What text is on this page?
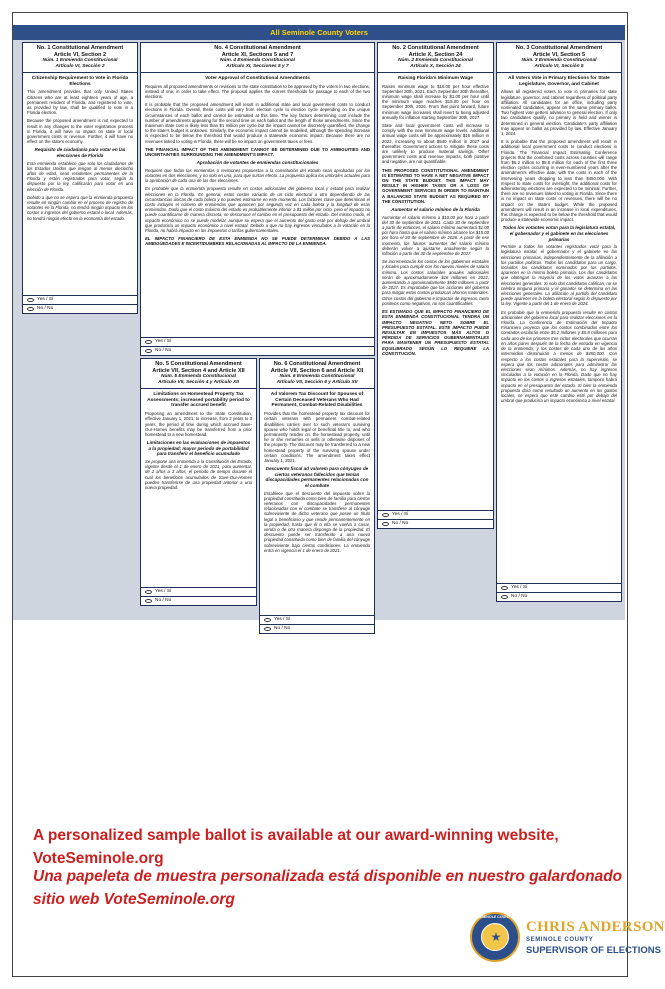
All Seminole County Voters
No. 1 Constitutional Amendment
Article VI, Section 2
Núm. 1 Enmienda Constitucional
Artículo VI, Sección 2
Citizenship Requirement to Vote in Florida Elections

This amendment provides that only United States Citizens who are at least eighteen years of age, a permanent resident of Florida, and registered to vote, as provided by law, shall be qualified to vote in a Florida election.

Because the proposed amendment is not expected to result in any changes to the voter registration process in Florida, it will have no impact on state or local government costs or revenue. Further, it will have no effect on the state's economy.

Requisito de ciudadanía para votar en las elecciones de Florida

Esta enmienda establece que solo los ciudadanos de los Estados Unidos que tengan al menos dieciocho años de edad, sean residentes permanentes de la Florida y estén registrados para votar, según lo dispuesto por la ley, calificarán para votar en una elección de Florida.

Debido a que no se espera que la enmienda propuesta resulte en ningún cambio en el proceso de registro de votantes en la Florida, no tendrá ningún impacto en los costos o ingresos del gobierno estatal o local. Además, no tendrá ningún efecto en la economía del estado.

Yes / Sí
No / No
No. 4 Constitutional Amendment
Article XI, Sections 5 and 7
Núm. 4 Enmienda Constitucional
Artículo XI, Secciones 5 y 7
Voter Approval of Constitutional Amendments

Requires all proposed amendments or revisions to the state constitution to be approved by the voters in two elections, instead of one, in order to take effect. The proposal applies the current thresholds for passage to each of the two elections.

It is probable that the proposed amendment will result in additional state and local government costs to conduct elections in Florida. Overall, these costs will vary from election cycle to election cycle depending on the unique circumstances of each ballot and cannot be estimated at this time. The key factors determining cost include the number of amendments appearing for the second time on each ballot and the length of those amendments. Since the maximum state cost is likely less than $1 million per cycle but the impact cannot be discretely quantified, the change to the state's budget is unknown. Similarly, the economic impact cannot be modelled, although the spending increase is expected to be below the threshold that would produce a statewide economic impact. Because there are no revenues linked to voting in Florida, there will be no impact on government taxes or fees.

THE FINANCIAL IMPACT OF THIS AMENDMENT CANNOT BE DETERMINED DUE TO AMBIGUITIES AND UNCERTAINTIES SURROUNDING THE AMENDMENT'S IMPACT.

Aprobación de votantes de enmiendas constitucionales

Requiere que todas las enmiendas o revisiones propuestas a la constitución del estado sean aprobadas por los votantes en dos elecciones, y no solo en una, para que surtan efecto. La propuesta aplica los umbrales actuales para la aprobación de cada una de las dos elecciones.

Es probable que la enmienda propuesta resulte en costos adicionales del gobierno local y estatal para realizar elecciones en la Florida. En general, estos costos variarán de un ciclo electoral a otro dependiendo de las circunstancias únicas de cada boleta y no pueden estimarse en este momento. Los factores clave que determinan el costo incluyen el número de enmiendas que aparecen por segunda vez en cada boleta y la longitud de esas enmiendas. Dado que el costo máximo del estado es probablemente inferior a $1 millón por ciclo, pero el impacto no puede cuantificarse de manera discreta, se desconoce el cambio en el presupuesto del estado. Del mismo modo, el impacto económico no se puede modelar, aunque se espera que el aumento del gasto esté por debajo del umbral que produciría un impacto económico a nivel estatal. Debido a que no hay ingresos vinculados a la votación en la Florida, no habrá impacto en los impuestos o tarifas gubernamentales.

EL IMPACTO FINANCIERO DE ESTA ENMIENDA NO SE PUEDE DETERMINAR DEBIDO A LAS AMBIGÜEDADES E INCERTIDUMBRES RELACIONADAS AL IMPACTO DE LA ENMIENDA.

Yes / Sí
No / No
No. 2 Constitutional Amendment
Article X, Section 24
Núm. 2 Enmienda Constitucional
Artículo X, Sección 24
Raising Florida's Minimum Wage

Raises minimum wage to $10.00 per hour effective September 30th, 2021. Each September 30th thereafter, minimum wage shall increase by $1.00 per hour until the minimum wage reaches $15.00 per hour on September 30th, 2026. From that point forward, future minimum wage increases shall revert to being adjusted annually for inflation starting September 30th, 2027.

State and local government costs will increase to comply with the new minimum wage levels. Additional annual wage costs will be approximately $16 million in 2022, increasing to about $540 million in 2027 and thereafter. Government actions to mitigate these costs are unlikely to produce material savings. Other government costs and revenue impacts, both positive and negative, are not quantifiable.

THIS PROPOSED CONSTITUTIONAL AMENDMENT IS ESTIMATED TO HAVE A NET NEGATIVE IMPACT ON THE STATE BUDGET. THIS IMPACT MAY RESULT IN HIGHER TAXES OR A LOSS OF GOVERNMENT SERVICES IN ORDER TO MAINTAIN A BALANCED STATE BUDGET AS REQUIRED BY THE CONSTITUTION.

Aumentar el salario mínimo de la Florida

Aumentar el salario mínimo a $10.00 por hora a partir del 30 de septiembre de 2021. Cada 30 de septiembre a partir de entonces, el salario mínimo aumentará $1.00 por hora hasta que el salario mínimo alcance los $15.00 por hora el 30 de septiembre de 2026. A partir de ese momento, los futuros aumentos del salario mínimo deberán volver a ajustarse anualmente según la inflación a partir del 30 de septiembre de 2027.

Se incrementarán los costos de los gobiernos estatales y locales para cumplir con los nuevos niveles de salario mínimo. Los costos salariales anuales adicionales serán de aproximadamente $16 millones en 2022, aumentando a aproximadamente $540 millones a partir de 2027. Es improbable que las acciones del gobierno para mitigar estos costos produzcan ahorros materiales. Otros costos del gobierno e impactos de ingresos, tanto positivos como negativos, no son cuantificables.

ES ESTIMADO QUE EL IMPACTO FINANCIERO DE ESTA ENMIENDA CONSTITUCIONAL TENDRÁ UN IMPACTO NEGATIVO NETO SOBRE EL PRESUPUESTO ESTATAL. ESTE IMPACTO PUEDE RESULTAR EN IMPUESTOS MÁS ALTOS O PÉRDIDA DE SERVICIOS GUBERNAMENTALES PARA MANTENER UN PRESUPUESTO ESTATAL EQUILIBRADO SEGÚN LO REQUIERE LA CONSTITUCIÓN.

Yes / Sí
No / No
No. 3 Constitutional Amendment
Article VI, Section 5
Núm. 3 Enmienda Constitucional
Artículo VI, Sección 5
All Voters Vote in Primary Elections for State Legislature, Governor, and Cabinet

Allows all registered voters to vote in primaries for state legislature, governor, and cabinet regardless of political party affiliation. All candidates for an office, including party nominated candidates, appear on the same primary ballot. Two highest vote getters advance to general election. If only two candidates qualify, no primary is held and winner is determined in general election. Candidate's party affiliation may appear on ballot as provided by law. Effective January 1, 2024.

It is probable that the proposed amendment will result in additional local government costs to conduct elections in Florida. The Financial Impact Estimating Conference projects that the combined costs across counties will range from $5.2 million to $5.8 million for each of the first three election cycles occurring in even-numbered years after the amendment's effective date, with the costs in each of the intervening years dropping to less than $450,000. With respect to state costs for oversight, the additional costs for administering elections are expected to be minimal. Further, there are no revenues linked to voting in Florida. Since there is no impact on state costs or revenues, there will be no impact on the state's budget. While the proposed amendment will result in an increase in local expenditures, this change is expected to be below the threshold that would produce a statewide economic impact.

Todos los votantes votan para la legislatura estatal, el gobernador y el gabinete en las elecciones primarias

Permite a todos los votantes registrados votar para la legislatura estatal, el gobernador y el gabinete en las elecciones primarias, independientemente de la afiliación a los partidos políticos. Todos los candidatos para un cargo, incluidos los candidatos nominados por los partidos, aparecen en la misma boleta primaria. Los dos candidatos que obtengan la mayoría de los votos avanzan a las elecciones generales. Si solo dos candidatos califican, no se celebra ninguna primaria y el ganador se determina en las elecciones generales. La afiliación al partido del candidato puede aparecer en la boleta electoral según lo dispuesto por la ley. Vigente a partir del 1 de enero de 2024.

Es probable que la enmienda propuesta resulte en costos adicionales del gobierno local para realizar elecciones en la Florida. La Conferencia de Estimación del Impacto Financiero proyecta que los costos combinados entre los condados oscilarán entre $5.2 millones y $5.8 millones para cada uno de los primeros tres ciclos electorales que ocurran en años pares después de la fecha de entrada en vigencia de la enmienda, y los costos de cada uno de los años intermedios disminuirán a menos de $450,000. Con respecto a los costos estatales para la supervisión, se espera que los costos adicionales para administrar las elecciones sean mínimos. Además, no hay ingresos vinculados a la votación en la Florida. Dado que no hay impacto en los costos o ingresos estatales, tampoco habrá impacto en el presupuesto del estado. Si bien la enmienda propuesta dará como resultado un aumento en los gastos locales, se espera que este cambio esté por debajo del umbral que produciría un impacto económico a nivel estatal.

Yes / Sí
No / No
No. 5 Constitutional Amendment
Article VII, Section 4 and Article XII
Núm. 5 Enmienda Constitucional
Artículo VII, Sección 4 y Artículo XII
Limitations on Homestead Property Tax Assessments; increased portability period to transfer accrued benefit

Proposing an amendment to the State Constitution, effective January 1, 2021, to increase, from 2 years to 3 years, the period of time during which accrued Save-Our-Homes benefits may be transferred from a prior homestead to a new homestead.

Limitaciones en las evaluaciones de impuestos a la propiedad; mayor periodo de portabilidad para transferir el beneficio acumulado

Se propone una enmienda a la Constitución del Estado, vigente desde el 1 de enero de 2021, para aumentar, de 2 años a 3 años, el periodo de tiempo durante el cual los beneficios acumulados de Save-Our-Homes pueden transferirse de una propiedad anterior a una nueva propiedad.

Yes / Sí
No / No
No. 6 Constitutional Amendment
Article VII, Section 6 and Article XII
Núm. 6 Enmienda Constitucional
Artículo VII, Sección 6 y Artículo XII
Ad Valorem Tax Discount for Spouses of Certain Deceased Veterans Who Had Permanent, Combat-Related Disabilities

Provides that the homestead property tax discount for certain veterans with permanent combat-related disabilities carries over to such veteran's surviving spouse who holds legal or beneficial title to, and who permanently resides on, the homestead property, until he or she remarries or sells or otherwise disposes of the property. The discount may be transferred to a new homestead property of the surviving spouse under certain conditions. The amendment takes effect January 1, 2021.

Descuento fiscal ad valorem para cónyuges de ciertos veteranos fallecidos que tenían discapacidades permanentes relacionadas con el combate

Establece que el descuento del impuesto sobre la propiedad constituida como bien de familia para ciertos veteranos con discapacidades permanentes relacionadas con el combate se transfiere al cónyuge sobreviviente de dicho veterano que posee un título legal o beneficioso y que reside permanentemente en la propiedad, hasta que él o ella se vuelva a casar, venda o de otra manera disponga de la propiedad. El descuento puede ser transferido a una nueva propiedad constituida como bien de familia del cónyuge sobreviviente bajo ciertas condiciones. La enmienda entra en vigencia el 1 de enero de 2021.

Yes / Sí
No / No
A personalized sample ballot is available at our award-winning website,
VoteSeminole.org
Una papeleta de muestra personalizada está disponible en nuestro galardonado
sitio web VoteSeminole.org
SEMINOLE COUNTY
★
CHRIS ANDERSON
SEMINOLE COUNTY
SUPERVISOR OF ELECTIONS
